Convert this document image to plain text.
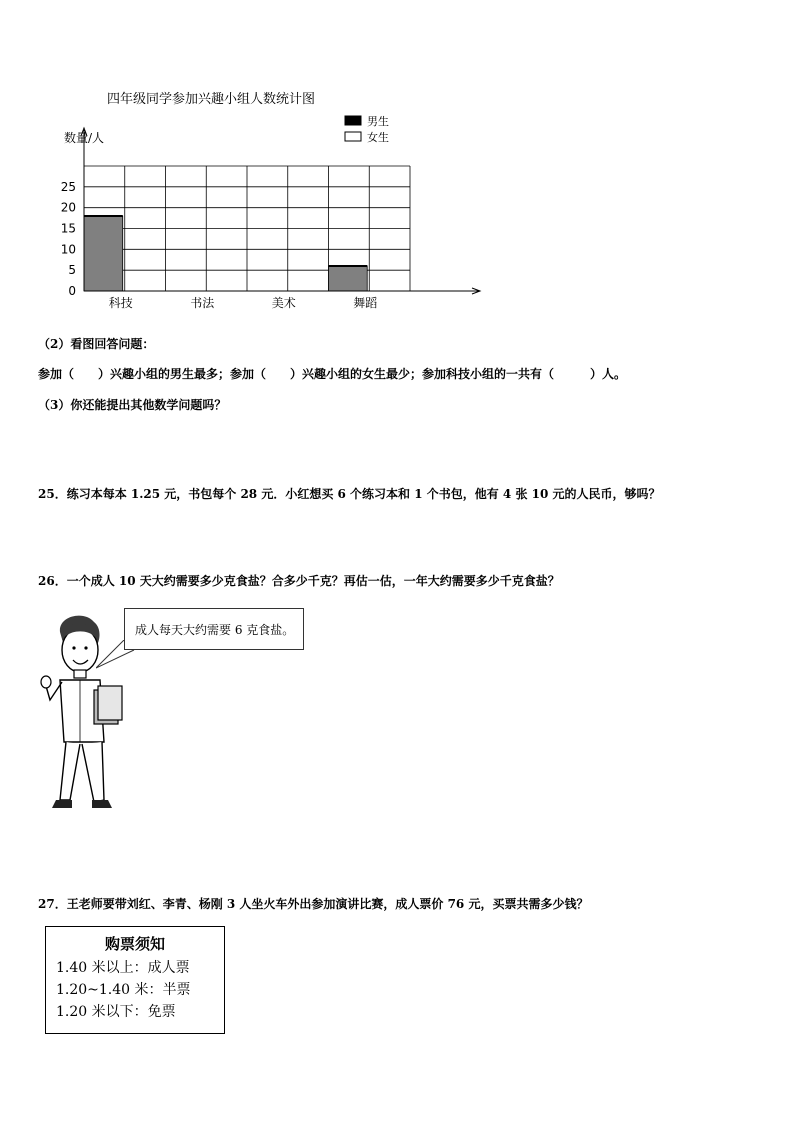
四年级同学参加兴趣小组人数统计图
数量/人
0
5
10
15
20
25
科技	书法	美术	舞蹈
男生
女生
（2）看图回答问题：
参加（　　）兴趣小组的男生最多；参加（　　）兴趣小组的女生最少；参加科技小组的一共有（　　　）人。
（3）你还能提出其他数学问题吗？
25．练习本每本 1.25 元，书包每个 28 元．小红想买 6 个练习本和 1 个书包，他有 4 张 10 元的人民币，够吗？
26．一个成人 10 天大约需要多少克食盐？合多少千克？再估一估，一年大约需要多少千克食盐？
成人每天大约需要 6 克食盐。
27．王老师要带刘红、李青、杨刚 3 人坐火车外出参加演讲比赛，成人票价 76 元，买票共需多少钱？
购票须知
1.40 米以上：成人票
1.20~1.40 米：半票
1.20 米以下：免票
